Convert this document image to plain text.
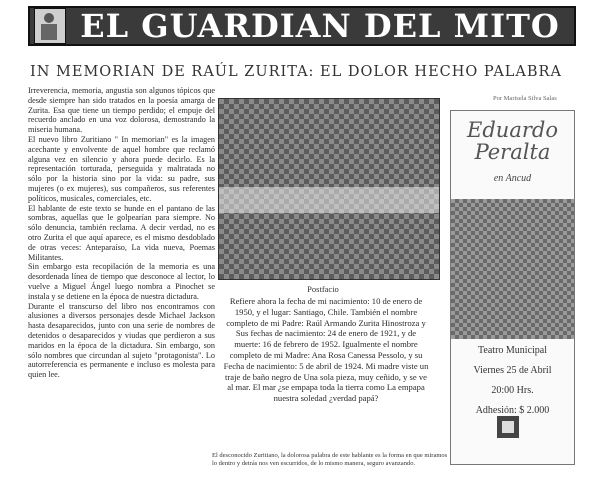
EL GUARDIAN DEL MITO
IN MEMORIAN DE RAÚL ZURITA: EL DOLOR HECHO PALABRA
Por Marisela Silva Salas

Irreverencia, memoria, angustia son algunos tópicos que desde siempre han sido tratados en la poesía amarga de Zurita. Esa que tiene un tiempo perdido; el empuje del recuerdo anclado en una voz dolorosa, demostrando la miseria humana.

El nuevo libro Zuritiano " In memorian" es la imagen acechante y envolvente de aquel hombre que reclamó alguna vez en silencio y ahora puede decirlo. Es la representación torturada, perseguida y maltratada no sólo por la historia sino por la vida: su padre, sus mujeres (o ex mujeres), sus compañeros, sus referentes políticos, musicales, comerciales, etc.

El hablante de este texto se hunde en el pantano de las sombras, aquellas que le golpearían para siempre. No sólo denuncia, también reclama. A decir verdad, no es otro Zurita el que aquí aparece, es el mismo desdoblado de otras veces: Anteparaíso, La vida nueva, Poemas Militantes.

Sin embargo esta recopilación de la memoria es una desordenada línea de tiempo que desconoce al lector, lo vuelve a Miguel Ángel luego nombra a Pinochet se instala y se detiene en la época de nuestra dictadura.

Durante el transcurso del libro nos encontramos con alusiones a diversos personajes desde Michael Jackson hasta desaparecidos, junto con una serie de nombres de detenidos o desaparecidos y viudas que perdieron a sus maridos en la época de la dictadura. Sin embargo, son sólo nombres que circundan al sujeto "protagonista". Lo autorreferencia es permanente e incluso es molesta para quien lee.

Postfacio

Refiere ahora la fecha de mi nacimiento: 10 de enero de 1950, y el lugar: Santiago, Chile. También el nombre completo de mi Padre: Raúl Armando Zurita Hinostroza y Sus fechas de nacimiento: 24 de enero de 1921, y de muerte: 16 de febrero de 1952. Igualmente el nombre completo de mi Madre: Ana Rosa Canessa Pessolo, y su Fecha de nacimiento: 5 de abril de 1924. Mi madre viste un traje de baño negro de Una sola pieza, muy ceñido, y se ve al mar. El mar ¿se empapa toda la tierra como La empapa nuestra soledad ¿verdad papá?

El desconocido Zuritiano, la dolorosa palabra de este hablante es la forma en que miramos lo dentro y detrás nos ven escurridos, de lo mismo manera, seguro avanzando.
Eduardo
Peralta
en Ancud
Teatro Municipal
Viernes 25 de Abril
20:00 Hrs.
Adhesión: $ 2.000
